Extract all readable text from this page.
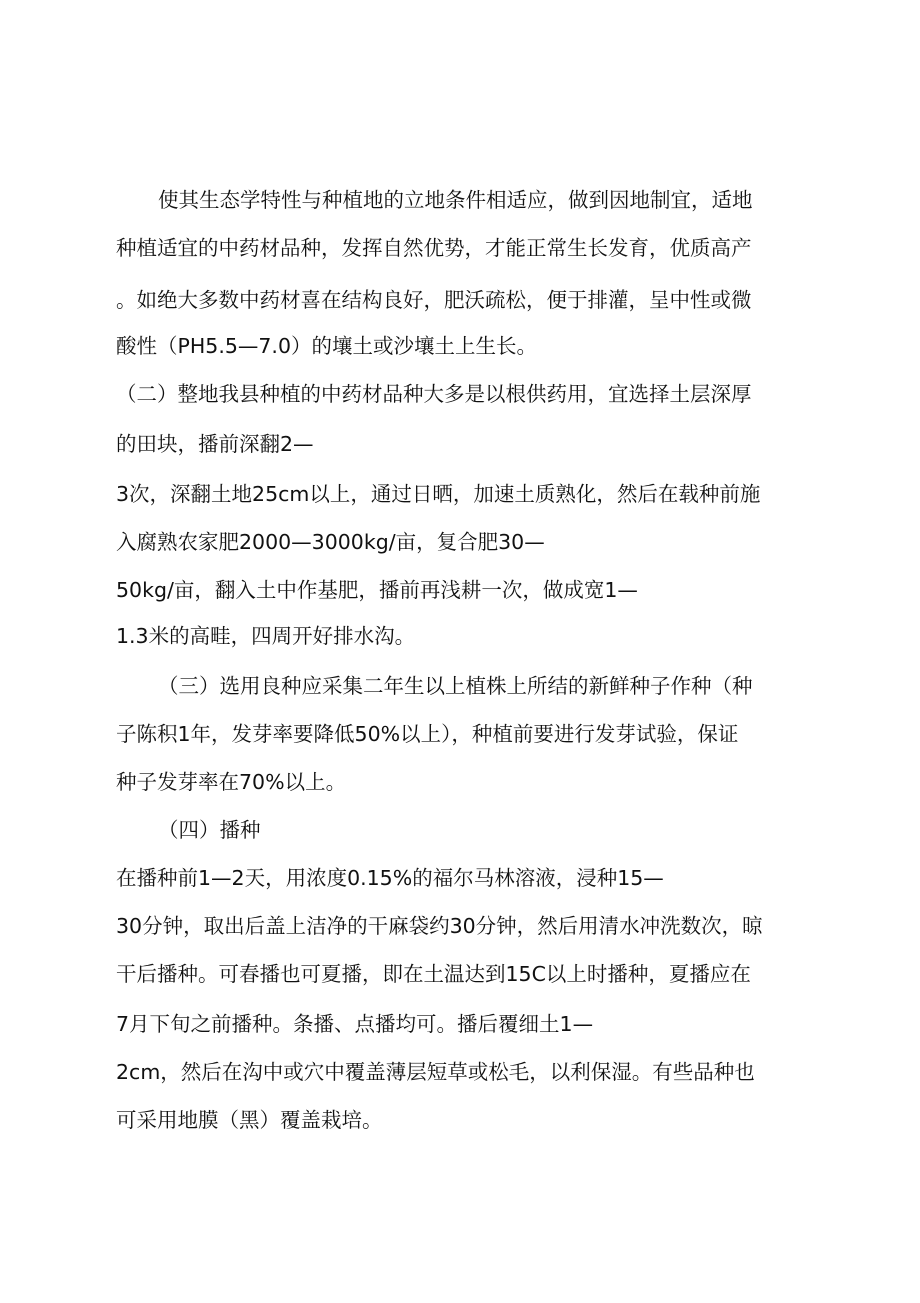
使其生态学特性与种植地的立地条件相适应，做到因地制宜，适地
种植适宜的中药材品种，发挥自然优势，才能正常生长发育，优质高产
。如绝大多数中药材喜在结构良好，肥沃疏松，便于排灌，呈中性或微
酸性（PH5.5—7.0）的壤土或沙壤土上生长。
（二）整地我县种植的中药材品种大多是以根供药用，宜选择土层深厚
的田块，播前深翻2—
3次，深翻土地25cm以上，通过日晒，加速土质熟化，然后在载种前施
入腐熟农家肥2000—3000kg/亩，复合肥30—
50kg/亩，翻入土中作基肥，播前再浅耕一次，做成宽1—
1.3米的高畦，四周开好排水沟。
（三）选用良种应采集二年生以上植株上所结的新鲜种子作种（种
子陈积1年，发芽率要降低50%以上），种植前要进行发芽试验，保证
种子发芽率在70%以上。
（四）播种
在播种前1—2天，用浓度0.15%的福尔马林溶液，浸种15—
30分钟，取出后盖上洁净的干麻袋约30分钟，然后用清水冲洗数次，晾
干后播种。可春播也可夏播，即在土温达到15C以上时播种，夏播应在
7月下旬之前播种。条播、点播均可。播后覆细土1—
2cm，然后在沟中或穴中覆盖薄层短草或松毛，以利保湿。有些品种也
可采用地膜（黑）覆盖栽培。
